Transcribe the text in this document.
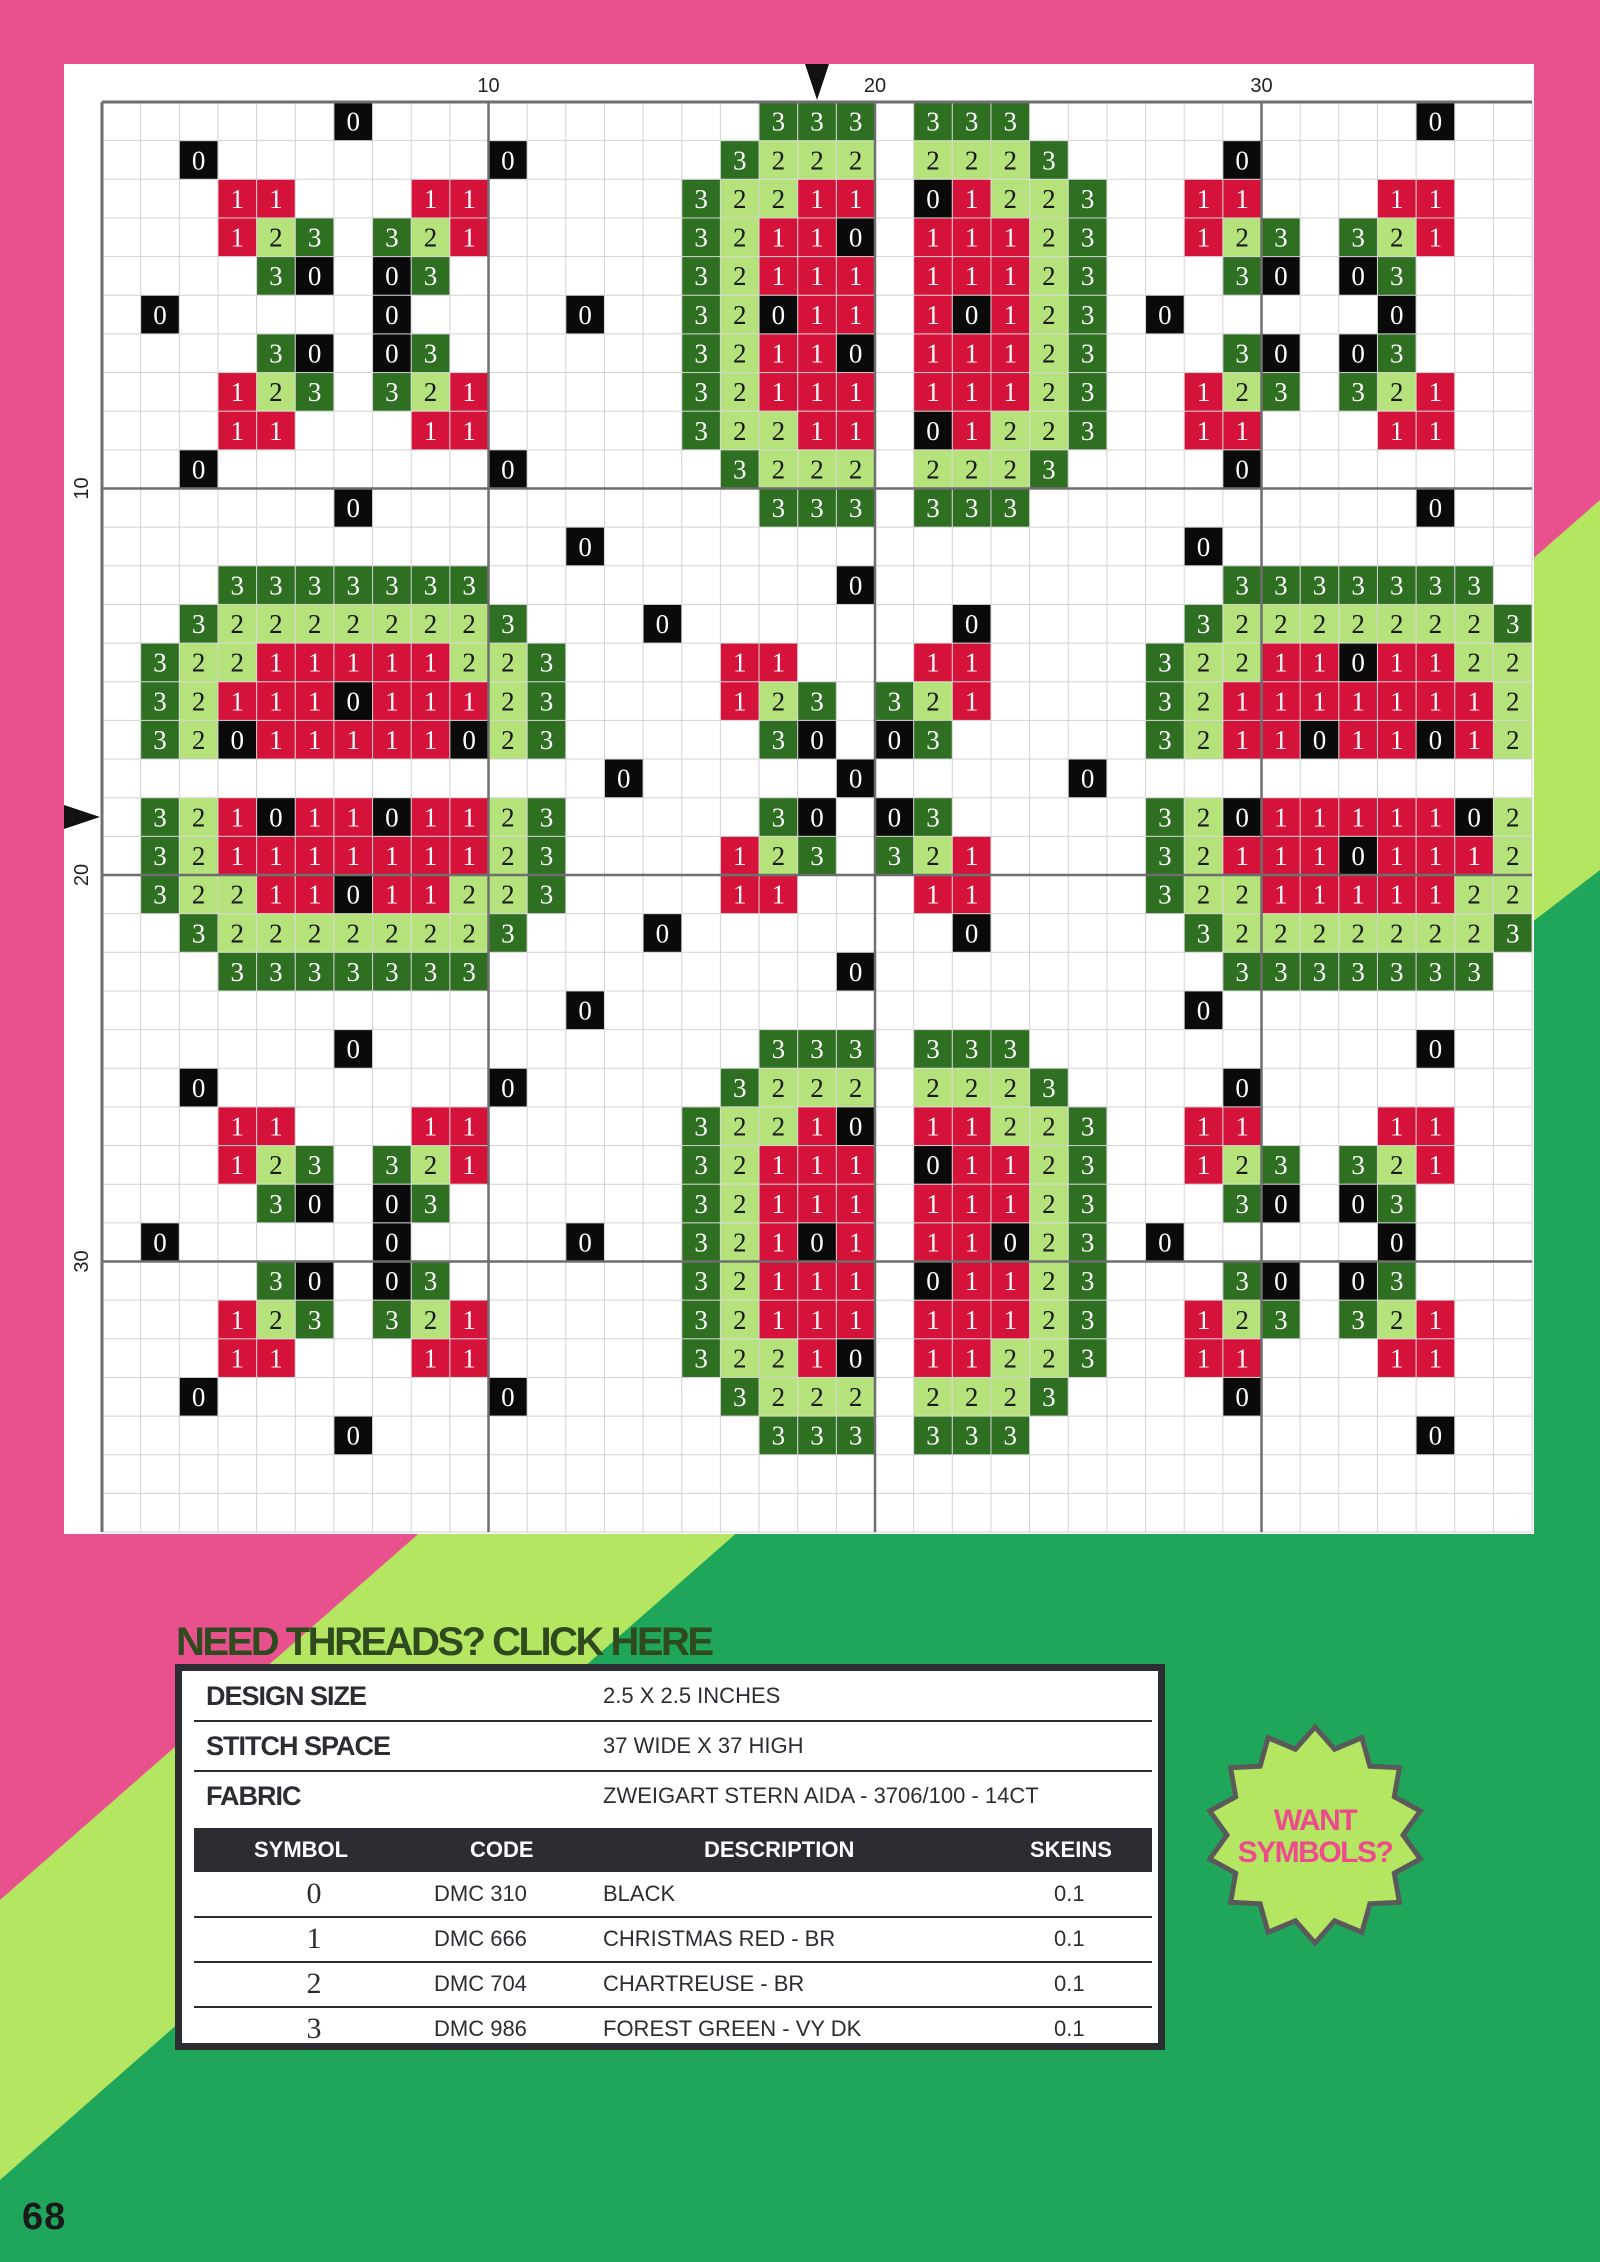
0	3 3 3 3 3 3	0
0	0	3 2 2 2 2 2 2 3	0
1 1	1 1	3 2 2 1 1 0 1 2 2 3	1 1	1 1
1 2 3 3 2 1	3 2 1 1 0 1 1 1 2 3	1 2 3 3 2 1
3 0 0 3	3 2 1 1 1 1 1 1 2 3	3 0 0 3
0	0	0	3 2 0 1 1 1 0 1 2 3 0	0
3 0 0 3	3 2 1 1 0 1 1 1 2 3	3 0 0 3
1 2 3 3 2 1	3 2 1 1 1 1 1 1 2 3	1 2 3 3 2 1
1 1	1 1	3 2 2 1 1 0 1 2 2 3	1 1	1 1
0	0	3 2 2 2 2 2 2 3	0
0	3 3 3 3 3 3	0
0	0
3 3 3 3 3 3 3	0	3 3 3 3 3 3 3
3 2 2 2 2 2 2 2 3	0	0	3 2 2 2 2 2 2 2 3
3 2 2 1 1 1 1 1 2 2 3	1 1	1 1	3 2 2 1 1 0 1 1 2 2
3 2 1 1 1 0 1 1 1 2 3	1 2 3 3 2 1	3 2 1 1 1 1 1 1 1 2
3 2 0 1 1 1 1 1 0 2 3	3 0 0 3	3 2 1 1 0 1 1 0 1 2
0	0	0
3 2 1 0 1 1 0 1 1 2 3	3 0 0 3	3 2 0 1 1 1 1 1 0 2
3 2 1 1 1 1 1 1 1 2 3	1 2 3 3 2 1	3 2 1 1 1 0 1 1 1 2
3 2 2 1 1 0 1 1 2 2 3	1 1	1 1	3 2 2 1 1 1 1 1 2 2
3 2 2 2 2 2 2 2 3	0	0	3 2 2 2 2 2 2 2 3
3 3 3 3 3 3 3	0	3 3 3 3 3 3 3
0	0
0	3 3 3 3 3 3	0
0	0	3 2 2 2 2 2 2 3	0
1 1	1 1	3 2 2 1 0 1 1 2 2 3	1 1	1 1
1 2 3 3 2 1	3 2 1 1 1 0 1 1 2 3	1 2 3 3 2 1
3 0 0 3	3 2 1 1 1 1 1 1 2 3	3 0 0 3
0	0	0	3 2 1 0 1 1 1 0 2 3 0	0
3 0 0 3	3 2 1 1 1 0 1 1 2 3	3 0 0 3
1 2 3 3 2 1	3 2 1 1 1 1 1 1 2 3	1 2 3 3 2 1
1 1	1 1	3 2 2 1 0 1 1 2 2 3	1 1	1 1
0	0	3 2 2 2 2 2 2 3	0
0	3 3 3 3 3 3	0
10	20	30
10
20
30
NEED THREADS? CLICK HERE
DESIGN SIZE	2.5 X 2.5 INCHES
STITCH SPACE	37 WIDE X 37 HIGH
FABRIC	ZWEIGART STERN AIDA - 3706/100 - 14CT
SYMBOL	CODE	DESCRIPTION	SKEINS
0	DMC 310	BLACK	0.1
1	DMC 666	CHRISTMAS RED - BR	0.1
2	DMC 704	CHARTREUSE - BR	0.1
3	DMC 986	FOREST GREEN - VY DK	0.1
WANT
SYMBOLS?
68
